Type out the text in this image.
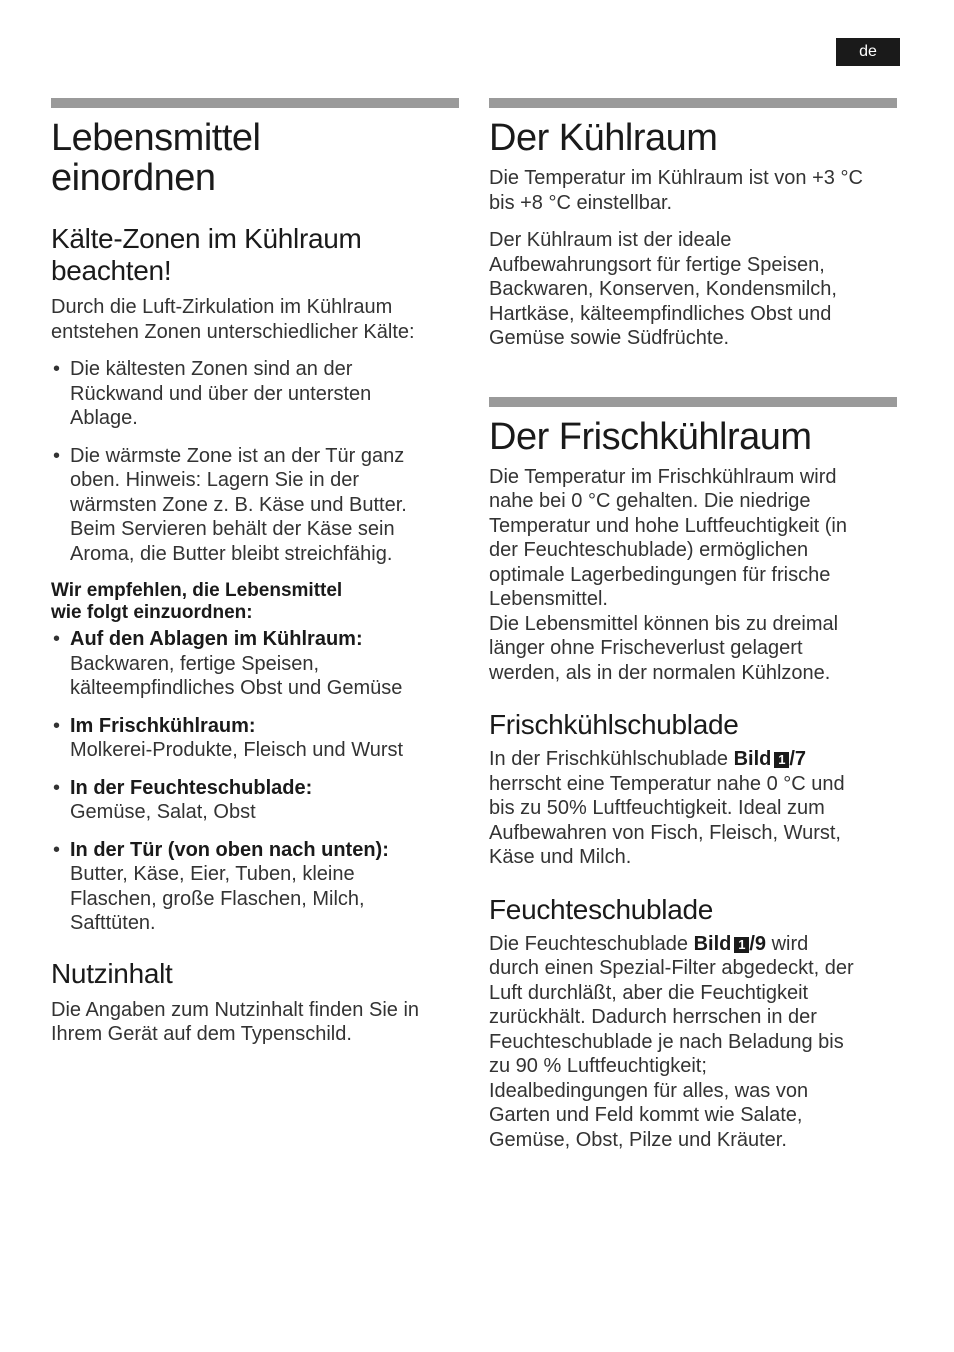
de
Lebensmittel
einordnen
Kälte-Zonen im Kühlraum
beachten!

Durch die Luft-Zirkulation im Kühlraum
entstehen Zonen unterschiedlicher Kälte:

• Die kältesten Zonen sind an der
Rückwand und über der untersten
Ablage.
• Die wärmste Zone ist an der Tür ganz
oben. Hinweis: Lagern Sie in der
wärmsten Zone z. B. Käse und Butter.
Beim Servieren behält der Käse sein
Aroma, die Butter bleibt streichfähig.

Wir empfehlen, die Lebensmittel
wie folgt einzuordnen:

• Auf den Ablagen im Kühlraum:
Backwaren, fertige Speisen,
kälteempfindliches Obst und Gemüse
• Im Frischkühlraum:
Molkerei-Produkte, Fleisch und Wurst
• In der Feuchteschublade:
Gemüse, Salat, Obst
• In der Tür (von oben nach unten):
Butter, Käse, Eier, Tuben, kleine
Flaschen, große Flaschen, Milch,
Safttüten.
Nutzinhalt

Die Angaben zum Nutzinhalt finden Sie in
Ihrem Gerät auf dem Typenschild.

Der Kühlraum

Die Temperatur im Kühlraum ist von +3 °C
bis +8 °C einstellbar.

Der Kühlraum ist der ideale
Aufbewahrungsort für fertige Speisen,
Backwaren, Konserven, Kondensmilch,
Hartkäse, kälteempfindliches Obst und
Gemüse sowie Südfrüchte.

Der Frischkühlraum

Die Temperatur im Frischkühlraum wird
nahe bei 0 °C gehalten. Die niedrige
Temperatur und hohe Luftfeuchtigkeit (in
der Feuchteschublade) ermöglichen
optimale Lagerbedingungen für frische
Lebensmittel.
Die Lebensmittel können bis zu dreimal
länger ohne Frischeverlust gelagert
werden, als in der normalen Kühlzone.

Frischkühlschublade

In der Frischkühlschublade Bild 1 /7
herrscht eine Temperatur nahe 0 °C und
bis zu 50% Luftfeuchtigkeit. Ideal zum
Aufbewahren von Fisch, Fleisch, Wurst,
Käse und Milch.

Feuchteschublade

Die Feuchteschublade Bild 1 /9 wird
durch einen Spezial-Filter abgedeckt, der
Luft durchläßt, aber die Feuchtigkeit
zurückhält. Dadurch herrschen in der
Feuchteschublade je nach Beladung bis
zu 90 % Luftfeuchtigkeit;
Idealbedingungen für alles, was von
Garten und Feld kommt wie Salate,
Gemüse, Obst, Pilze und Kräuter.
